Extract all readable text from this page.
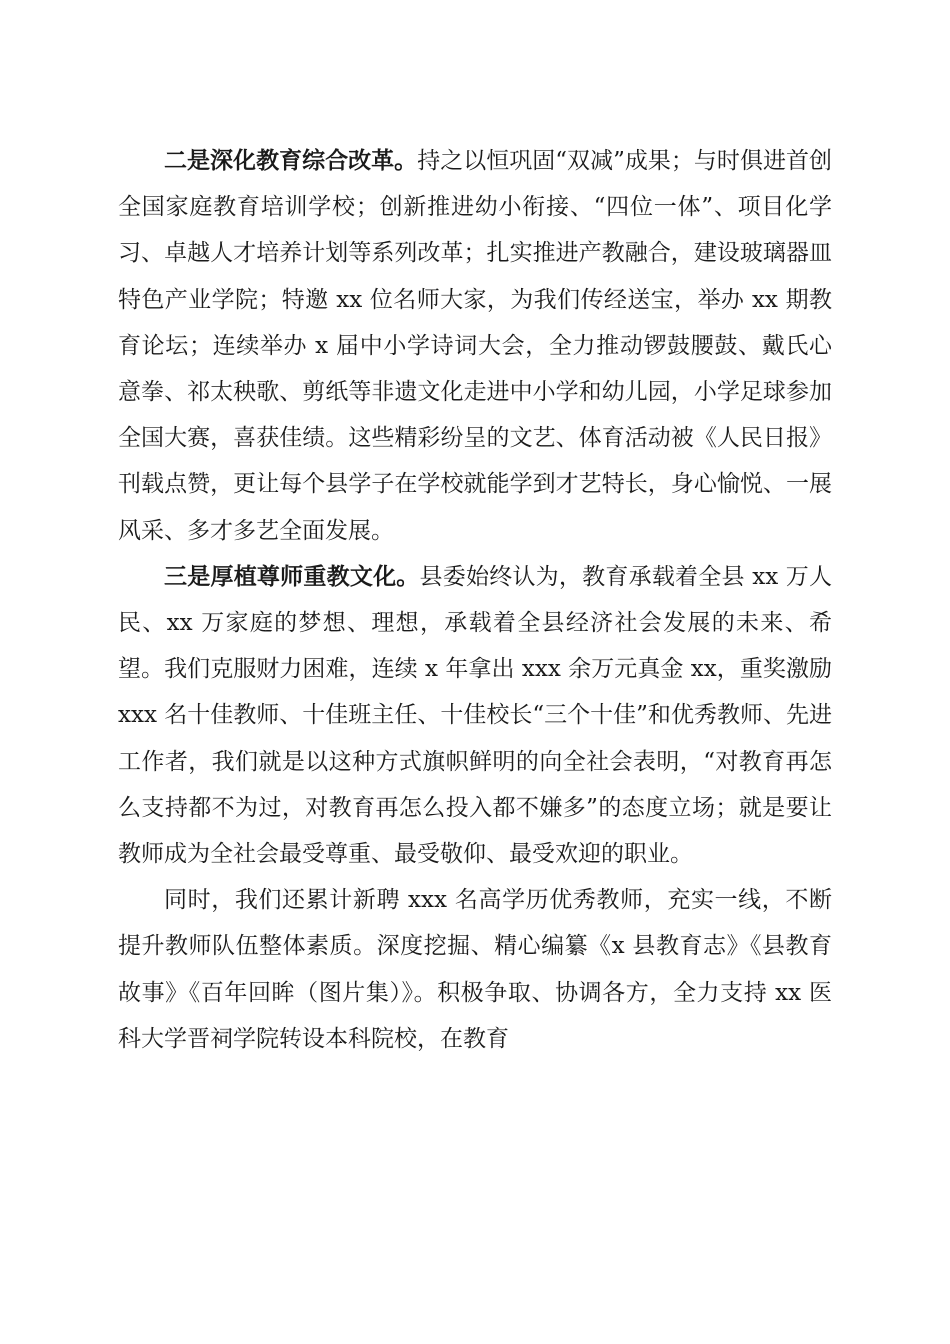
二是深化教育综合改革。持之以恒巩固“双减”成果；与时俱进首创全国家庭教育培训学校；创新推进幼小衔接、“四位一体”、项目化学习、卓越人才培养计划等系列改革；扎实推进产教融合，建设玻璃器皿特色产业学院；特邀 xx 位名师大家，为我们传经送宝，举办 xx 期教育论坛；连续举办 x 届中小学诗词大会，全力推动锣鼓腰鼓、戴氏心意拳、祁太秧歌、剪纸等非遗文化走进中小学和幼儿园，小学足球参加全国大赛，喜获佳绩。这些精彩纷呈的文艺、体育活动被《人民日报》刊载点赞，更让每个县学子在学校就能学到才艺特长，身心愉悦、一展风采、多才多艺全面发展。

三是厚植尊师重教文化。县委始终认为，教育承载着全县 xx 万人民、xx 万家庭的梦想、理想，承载着全县经济社会发展的未来、希望。我们克服财力困难，连续 x 年拿出 xxx 余万元真金 xx，重奖激励 xxx 名十佳教师、十佳班主任、十佳校长“三个十佳”和优秀教师、先进工作者，我们就是以这种方式旗帜鲜明的向全社会表明，“对教育再怎么支持都不为过，对教育再怎么投入都不嫌多”的态度立场；就是要让教师成为全社会最受尊重、最受敬仰、最受欢迎的职业。

同时，我们还累计新聘 xxx 名高学历优秀教师，充实一线，不断提升教师队伍整体素质。深度挖掘、精心编纂《x 县教育志》《县教育故事》《百年回眸（图片集）》。积极争取、协调各方，全力支持 xx 医科大学晋祠学院转设本科院校，在教育
